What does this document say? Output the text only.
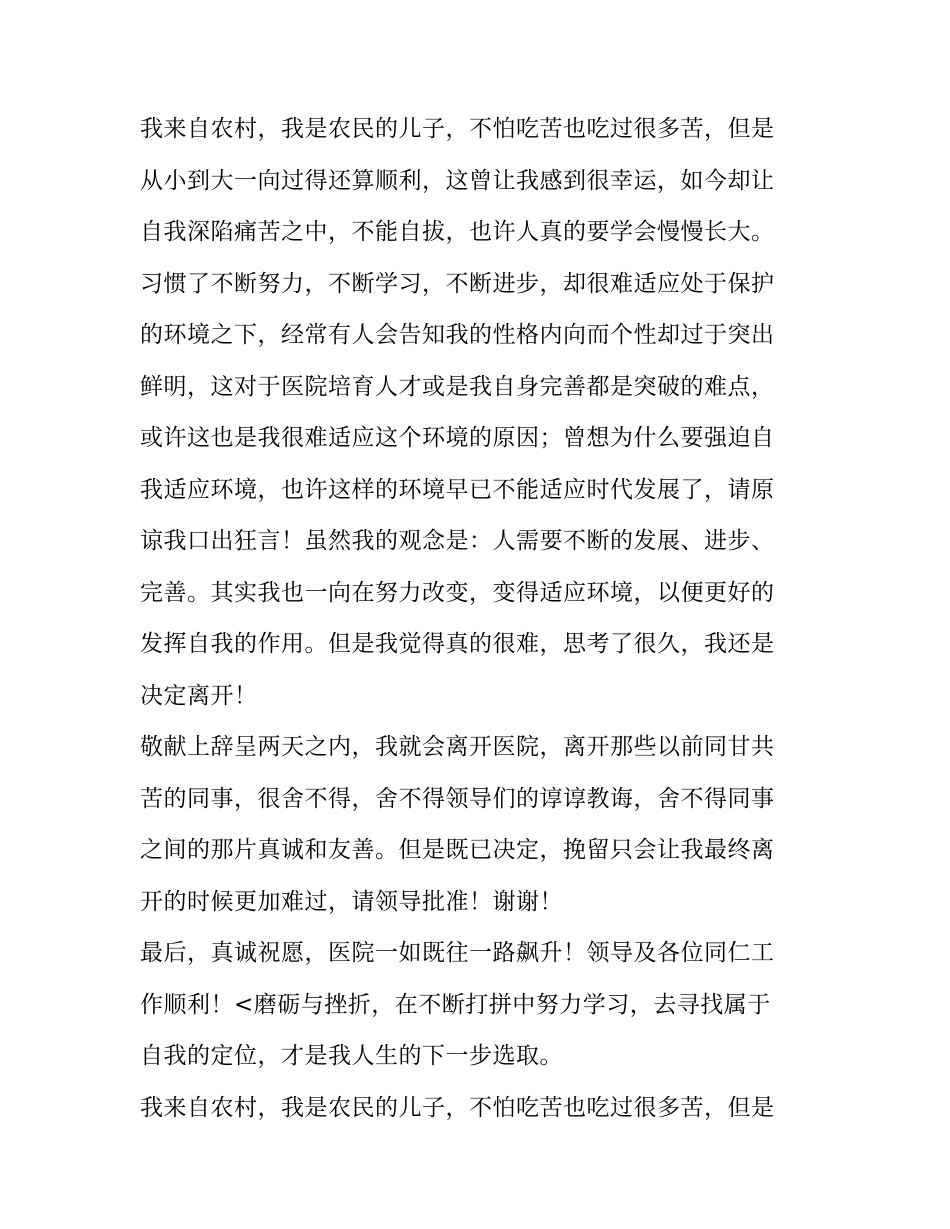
我来自农村，我是农民的儿子，不怕吃苦也吃过很多苦，但是
从小到大一向过得还算顺利，这曾让我感到很幸运，如今却让
自我深陷痛苦之中，不能自拔，也许人真的要学会慢慢长大。
习惯了不断努力，不断学习，不断进步，却很难适应处于保护
的环境之下，经常有人会告知我的性格内向而个性却过于突出
鲜明，这对于医院培育人才或是我自身完善都是突破的难点，
或许这也是我很难适应这个环境的原因；曾想为什么要强迫自
我适应环境，也许这样的环境早已不能适应时代发展了，请原
谅我口出狂言！虽然我的观念是：人需要不断的发展、进步、
完善。其实我也一向在努力改变，变得适应环境，以便更好的
发挥自我的作用。但是我觉得真的很难，思考了很久，我还是
决定离开！
敬献上辞呈两天之内，我就会离开医院，离开那些以前同甘共
苦的同事，很舍不得，舍不得领导们的谆谆教诲，舍不得同事
之间的那片真诚和友善。但是既已决定，挽留只会让我最终离
开的时候更加难过，请领导批准！谢谢！
最后，真诚祝愿，医院一如既往一路飙升！领导及各位同仁工
作顺利！<磨砺与挫折，在不断打拼中努力学习，去寻找属于
自我的定位，才是我人生的下一步选取。
我来自农村，我是农民的儿子，不怕吃苦也吃过很多苦，但是
